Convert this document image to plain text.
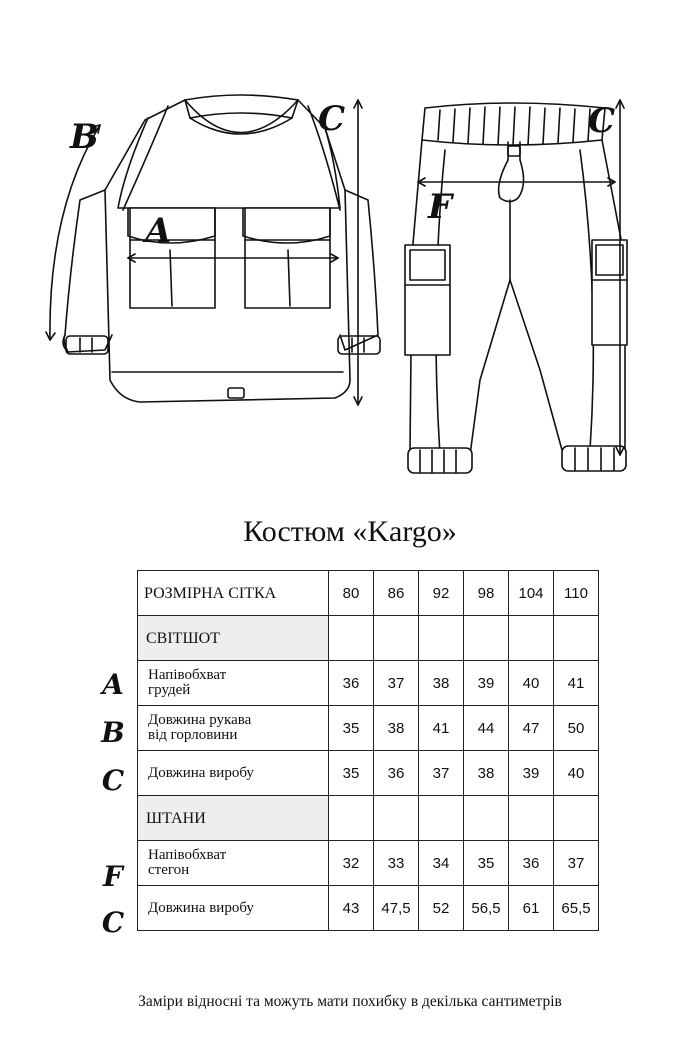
B
A
C	C
F
Костюм «Kargo»
A
B
C
F
C
РОЗМІРНА СІТКА	80	86	92	98	104	110
СВІТШОТ						
Напівобхват
грудей	36	37	38	39	40	41
Довжина рукава
від горловини	35	38	41	44	47	50
Довжина виробу	35	36	37	38	39	40
ШТАНИ						
Напівобхват
стегон	32	33	34	35	36	37
Довжина виробу	43	47,5	52	56,5	61	65,5
Заміри відносні та можуть мати похибку в декілька сантиметрів
